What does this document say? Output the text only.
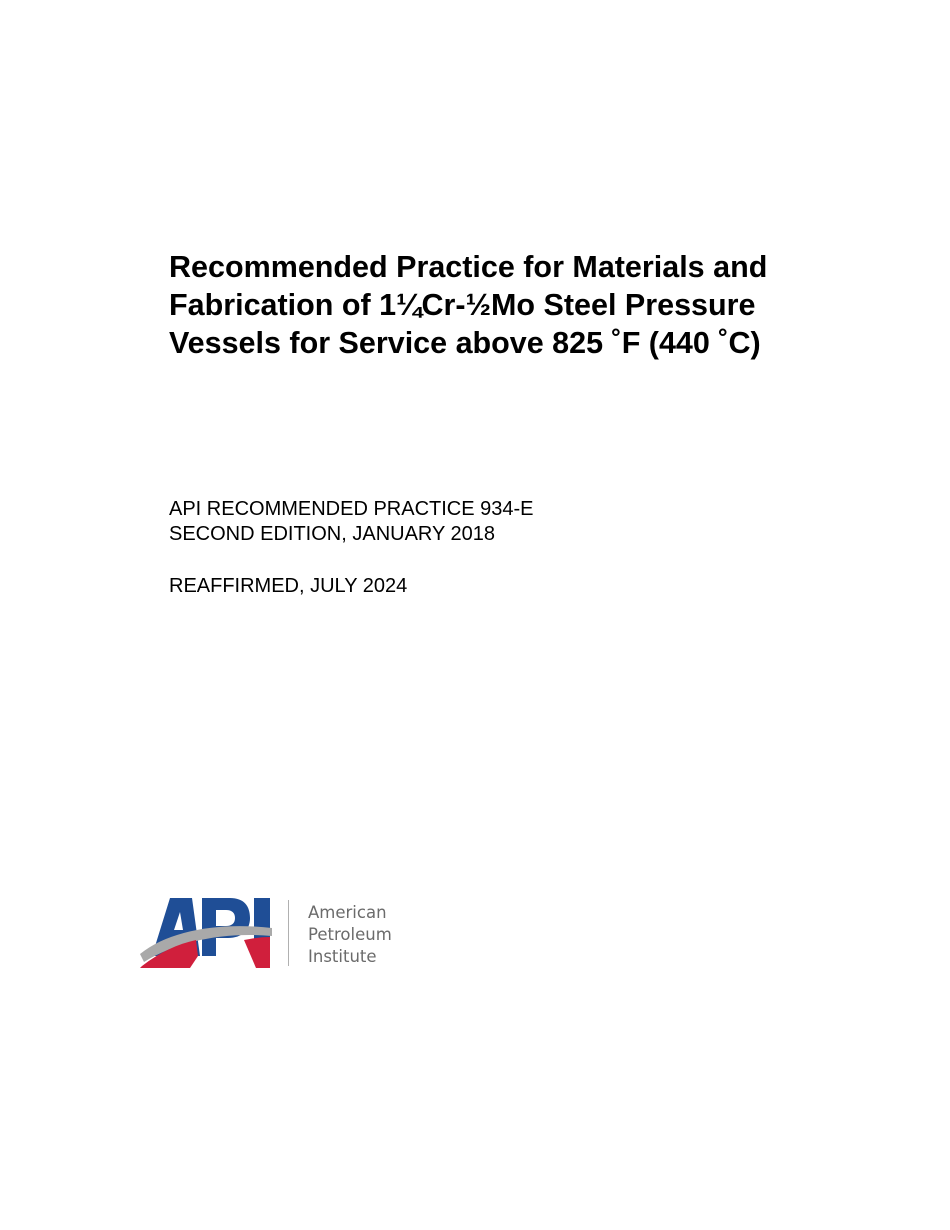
Recommended Practice for Materials and
Fabrication of 1¼Cr-½Mo Steel Pressure
Vessels for Service above 825 ˚F (440 ˚C)
API RECOMMENDED PRACTICE 934-E
SECOND EDITION, JANUARY 2018
REAFFIRMED, JULY 2024
American
Petroleum
Institute
